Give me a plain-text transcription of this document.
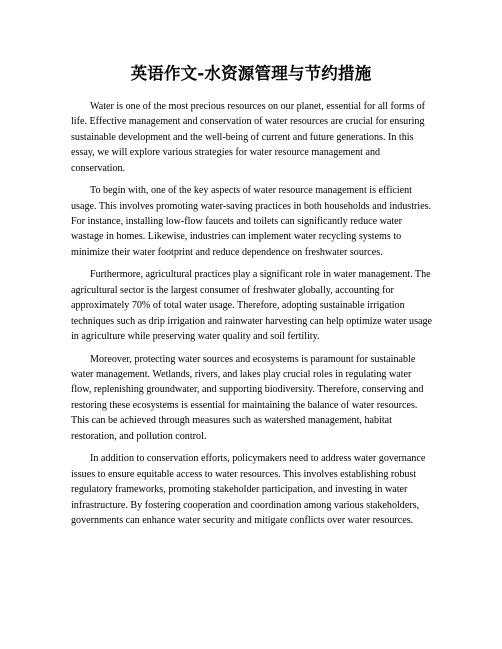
英语作文-水资源管理与节约措施

Water is one of the most precious resources on our planet, essential for all forms of life. Effective management and conservation of water resources are crucial for ensuring sustainable development and the well-being of current and future generations. In this essay, we will explore various strategies for water resource management and conservation.

To begin with, one of the key aspects of water resource management is efficient usage. This involves promoting water-saving practices in both households and industries. For instance, installing low-flow faucets and toilets can significantly reduce water wastage in homes. Likewise, industries can implement water recycling systems to minimize their water footprint and reduce dependence on freshwater sources.

Furthermore, agricultural practices play a significant role in water management. The agricultural sector is the largest consumer of freshwater globally, accounting for approximately 70% of total water usage. Therefore, adopting sustainable irrigation techniques such as drip irrigation and rainwater harvesting can help optimize water usage in agriculture while preserving water quality and soil fertility.

Moreover, protecting water sources and ecosystems is paramount for sustainable water management. Wetlands, rivers, and lakes play crucial roles in regulating water flow, replenishing groundwater, and supporting biodiversity. Therefore, conserving and restoring these ecosystems is essential for maintaining the balance of water resources. This can be achieved through measures such as watershed management, habitat restoration, and pollution control.

In addition to conservation efforts, policymakers need to address water governance issues to ensure equitable access to water resources. This involves establishing robust regulatory frameworks, promoting stakeholder participation, and investing in water infrastructure. By fostering cooperation and coordination among various stakeholders, governments can enhance water security and mitigate conflicts over water resources.
